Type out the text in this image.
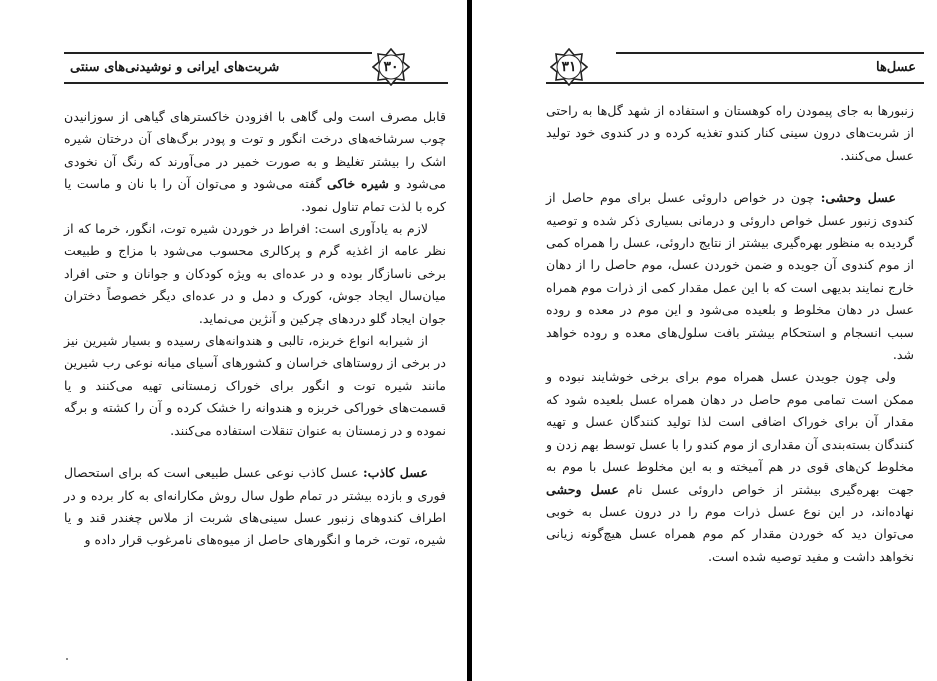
شربت‌های ایرانی و نوشیدنی‌های سنتی	۳۰

قابل مصرف است ولی گاهی با افزودن خاکسترهای گیاهی از سوزانیدن چوب سرشاخه‌های درخت انگور و توت و پودر برگ‌های آن درختان شیره اشک را بیشتر تغلیظ و به صورت خمیر در می‌آورند که رنگ آن نخودی می‌شود و شیره خاکی گفته می‌شود و می‌توان آن را با نان و ماست یا کره با لذت تمام تناول نمود.

لازم به یادآوری است: افراط در خوردن شیره توت، انگور، خرما که از نظر عامه از اغذیه گرم و پرکالری محسوب می‌شود با مزاج و طبیعت برخی ناسازگار بوده و در عده‌ای به ویژه کودکان و جوانان و حتی افراد میان‌سال ایجاد جوش، کورک و دمل و در عده‌ای دیگر خصوصاً دختران جوان ایجاد گلو درد‌های چرکین و آنژین می‌نماید.

از شیرابه انواع خربزه، تالبی و هندوانه‌های رسیده و بسیار شیرین نیز در برخی از روستاهای خراسان و کشورهای آسیای میانه نوعی رب شیرین مانند شیره توت و انگور برای خوراک زمستانی تهیه می‌کنند و یا قسمت‌های خوراکی خربزه و هندوانه را خشک کرده و آن را کشته و برگه نموده و در زمستان به عنوان تنقلات استفاده می‌کنند.

عسل کاذب: عسل کاذب نوعی عسل طبیعی است که برای استحصال فوری و بازده بیشتر در تمام طول سال روش مکارانه‌ای به کار برده و در اطراف کندوهای زنبور عسل سینی‌های شربت از ملاس چغندر قند و یا شیره، توت، خرما و انگورهای حاصل از میوه‌های نامرغوب قرار داده و

عسل‌ها
۳۱

زنبورها به جای پیمودن راه کوهستان و استفاده از شهد گل‌ها به راحتی از شربت‌های درون سینی کنار کندو تغذیه کرده و در کندوی خود تولید عسل می‌کنند.

عسل وحشی: چون در خواص داروئی عسل برای موم حاصل از کندوی زنبور عسل خواص داروئی و درمانی بسیاری ذکر شده و توصیه گردیده به منظور بهره‌گیری بیشتر از نتایج داروئی، عسل را همراه کمی از موم کندوی آن جویده و ضمن خوردن عسل، موم حاصل را از دهان خارج نمایند بدیهی است که با این عمل مقدار کمی از ذرات موم همراه عسل در دهان مخلوط و بلعیده می‌شود و این موم در معده و روده سبب انسجام و استحکام بیشتر بافت سلول‌های معده و روده خواهد شد.

ولی چون جویدن عسل همراه موم برای برخی خوشایند نبوده و ممکن است تمامی موم حاصل در دهان همراه عسل بلعیده شود که مقدار آن برای خوراک اضافی است لذا تولید کنندگان عسل و تهیه کنندگان بسته‌بندی آن مقداری از موم کندو را با عسل توسط بهم زدن و مخلوط کن‌های قوی در هم آمیخته و به این مخلوط عسل با موم به جهت بهره‌گیری بیشتر از خواص داروئی عسل نام عسل وحشی نهاده‌اند، در این نوع عسل ذرات موم را در درون عسل به خوبی می‌توان دید که خوردن مقدار کم موم همراه عسل هیچ‌گونه زیانی نخواهد داشت و مفید توصیه شده است.
